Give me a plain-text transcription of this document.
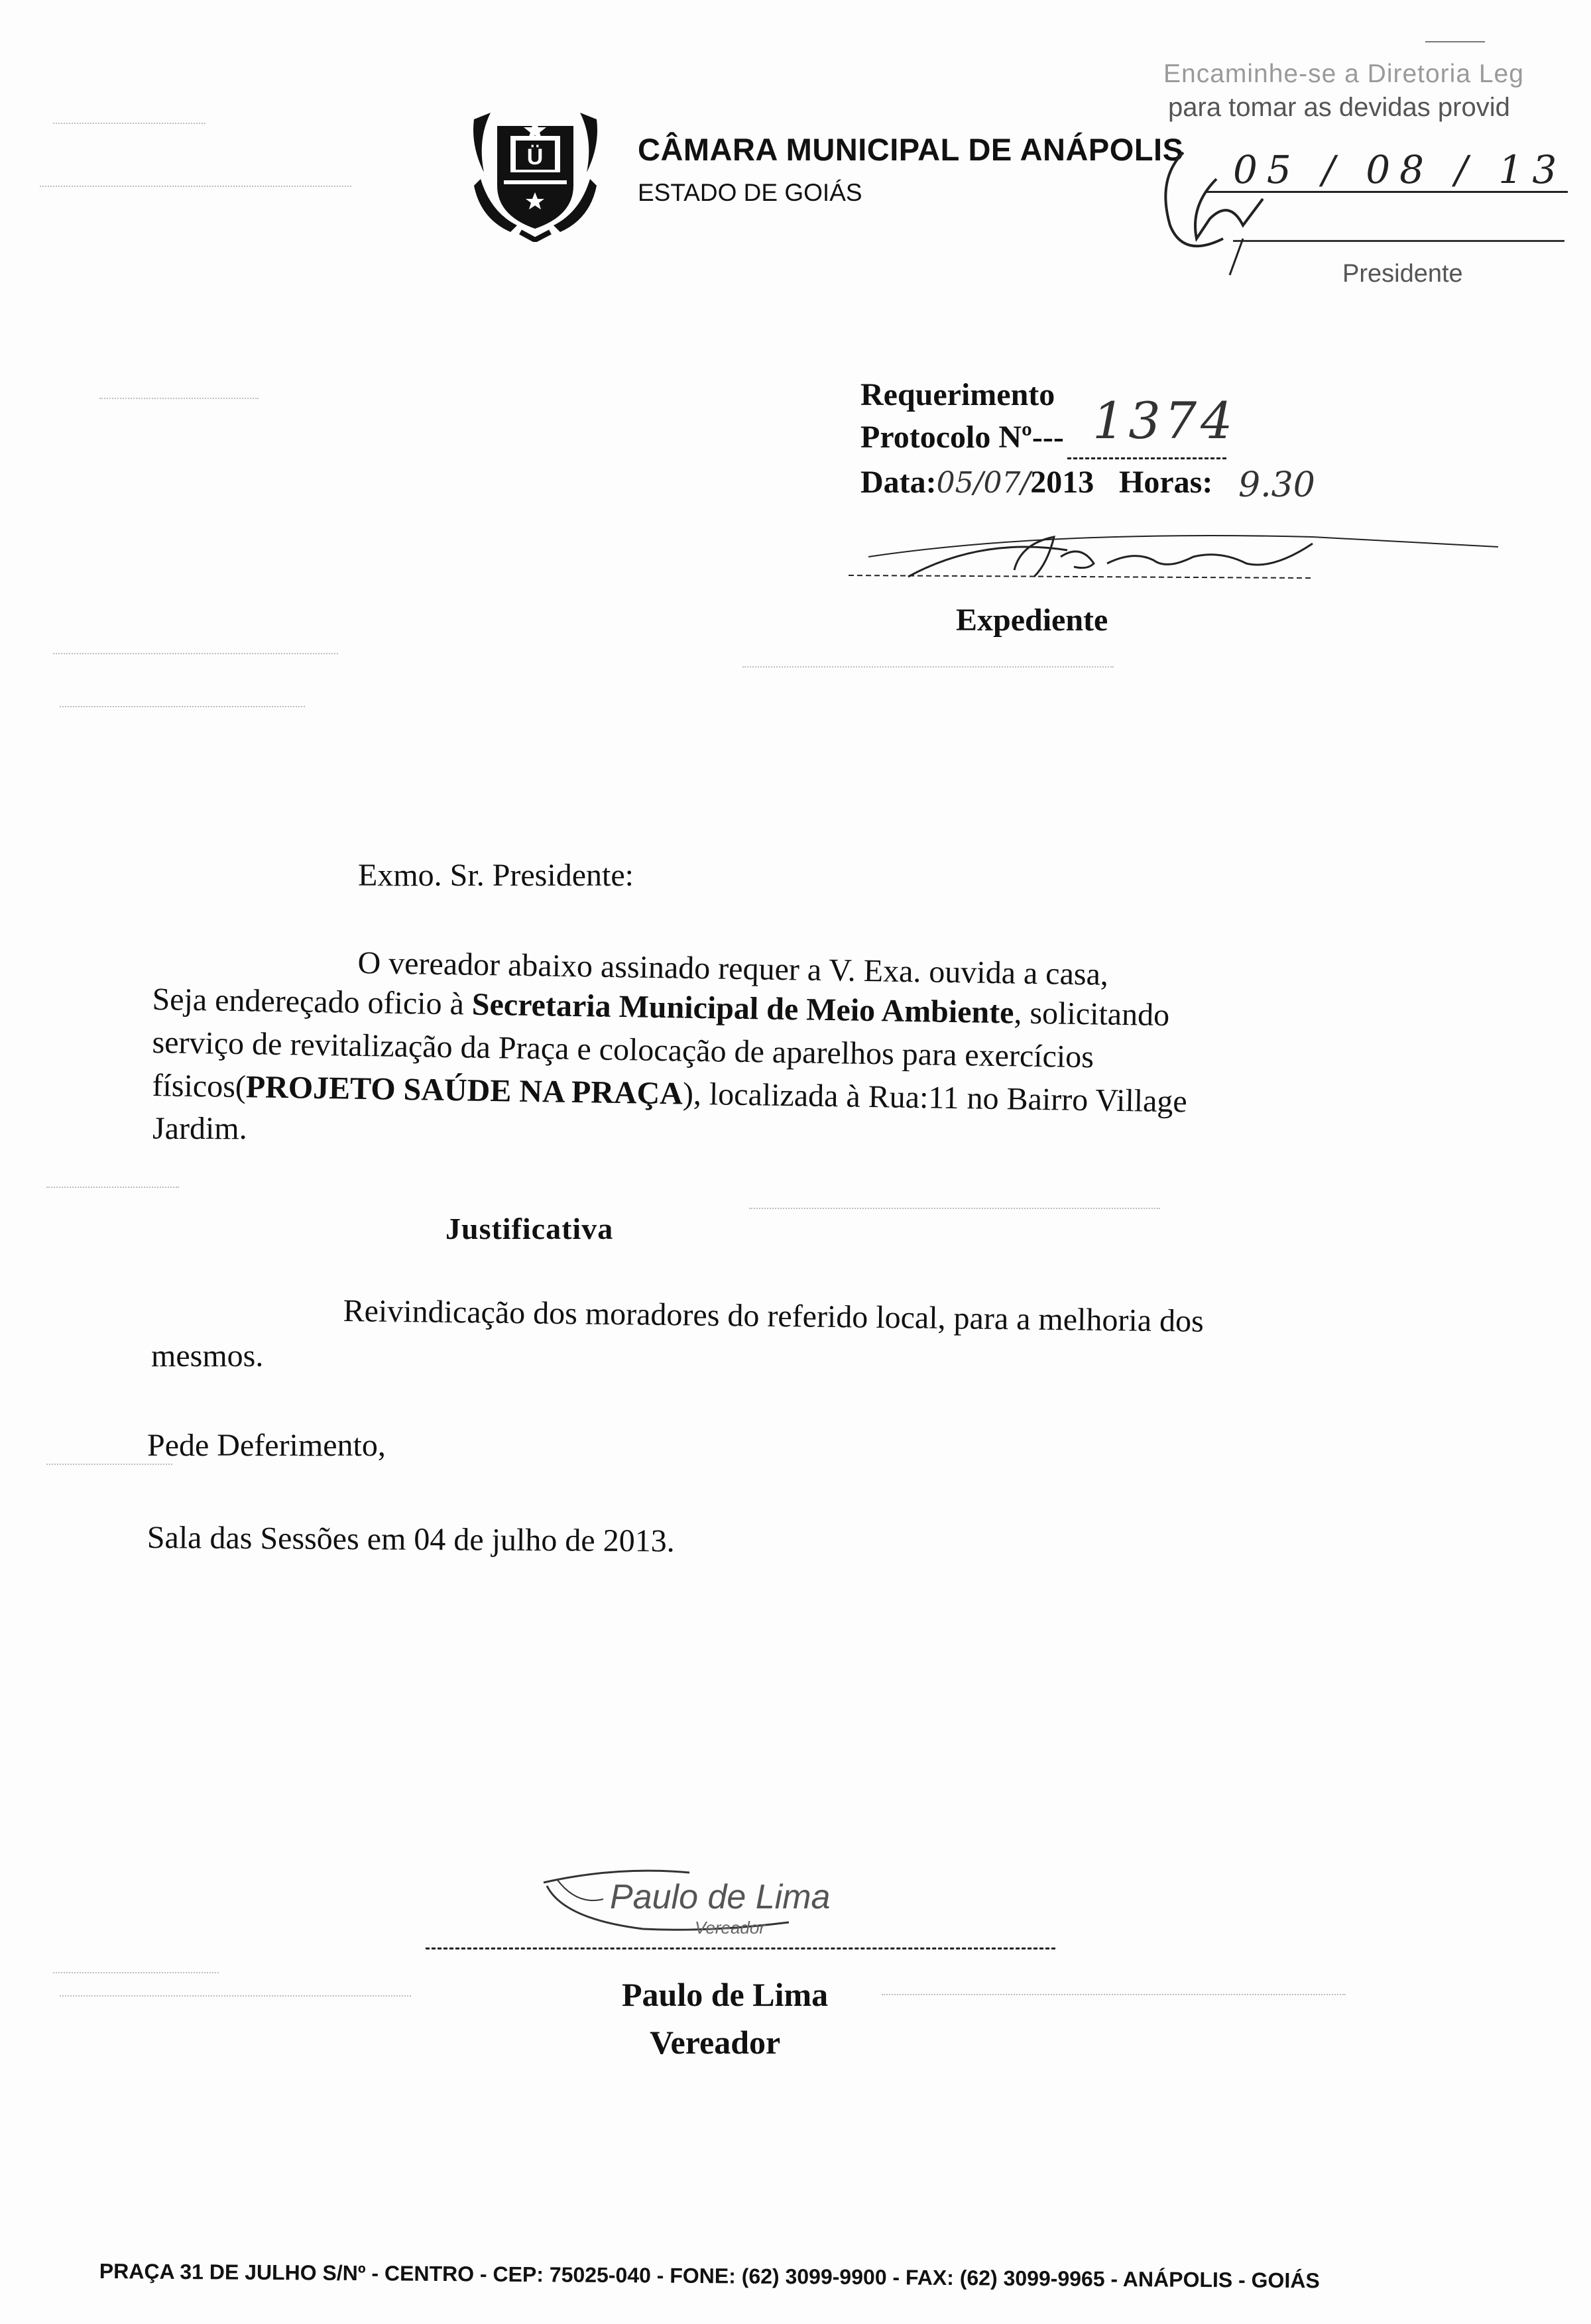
Ü	CÂMARA MUNICIPAL DE ANÁPOLIS
ESTADO DE GOIÁS
Encaminhe-se a Diretoria Leg
para tomar as devidas provid
05 / 08 / 13
Presidente
Requerimento
Protocolo Nº--- 1374
Data:05/07/2013 Horas: 9.30
Expediente
Exmo. Sr. Presidente:
O vereador abaixo assinado requer a V. Exa. ouvida a casa,
Seja endereçado oficio à Secretaria Municipal de Meio Ambiente, solicitando
serviço de revitalização da Praça e colocação de aparelhos para exercícios
físicos(PROJETO SAÚDE NA PRAÇA), localizada à Rua:11 no Bairro Village
Jardim.
Justificativa
Reivindicação dos moradores do referido local, para a melhoria dos
mesmos.
Pede Deferimento,
Sala das Sessões em 04 de julho de 2013.
Paulo de Lima
Vereador
Paulo de Lima
Vereador
PRAÇA 31 DE JULHO S/Nº - CENTRO - CEP: 75025-040 - FONE: (62) 3099-9900 - FAX: (62) 3099-9965 - ANÁPOLIS - GOIÁS
